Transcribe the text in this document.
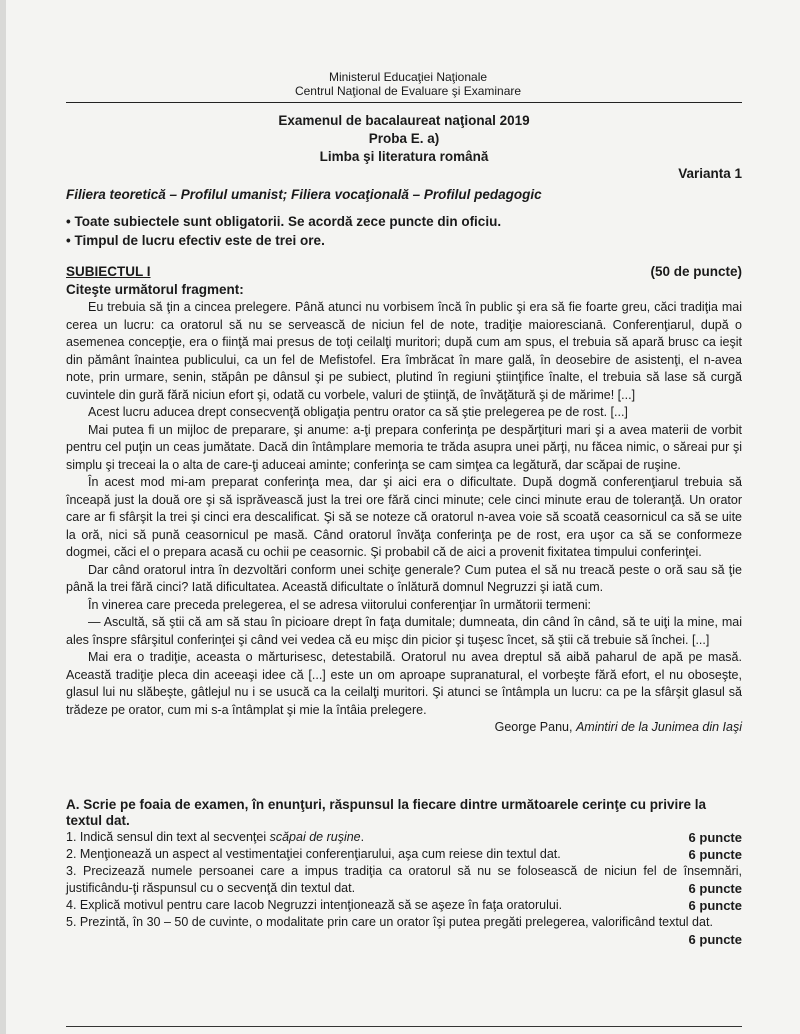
Ministerul Educaţiei Naţionale
Centrul Naţional de Evaluare şi Examinare
Examenul de bacalaureat naţional 2019
Proba E. a)
Limba şi literatura română
Varianta 1
Filiera teoretică – Profilul umanist; Filiera vocaţională – Profilul pedagogic
• Toate subiectele sunt obligatorii. Se acordă zece puncte din oficiu.
• Timpul de lucru efectiv este de trei ore.
SUBIECTUL I	(50 de puncte)
Citeşte următorul fragment:

Eu trebuia să ţin a cincea prelegere. Până atunci nu vorbisem încă în public şi era să fie foarte greu, căci tradiţia mai cerea un lucru: ca oratorul să nu se servească de niciun fel de note, tradiţie maiorescianā. Conferenţiarul, după o asemenea concepţie, era o fiinţă mai presus de toţi ceilalţi muritori; după cum am spus, el trebuia să apară brusc ca ieşit din pământ înaintea publicului, ca un fel de Mefistofel. Era îmbrăcat în mare gală, în deosebire de asistenţi, el n-avea note, prin urmare, senin, stăpân pe dânsul şi pe subiect, plutind în regiuni ştiinţifice înalte, el trebuia să lase să curgă cuvintele din gură fără niciun efort şi, odată cu vorbele, valuri de ştiinţă, de învăţătură şi de mărime! [...]

Acest lucru aducea drept consecvenţă obligaţia pentru orator ca să ştie prelegerea pe de rost. [...]

Mai putea fi un mijloc de preparare, şi anume: a-ţi prepara conferinţa pe despărţituri mari şi a avea materii de vorbit pentru cel puţin un ceas jumătate. Dacă din întâmplare memoria te trăda asupra unei părţi, nu făcea nimic, o săreai pur şi simplu şi treceai la o alta de care-ţi aduceai aminte; conferinţa se cam simţea ca legătură, dar scăpai de ruşine.

În acest mod mi-am preparat conferinţa mea, dar şi aici era o dificultate. După dogmă conferenţiarul trebuia să înceapă just la două ore şi să isprăvească just la trei ore fără cinci minute; cele cinci minute erau de toleranţă. Un orator care ar fi sfârşit la trei şi cinci era descalificat. Şi să se noteze că oratorul n-avea voie să scoată ceasornicul ca să se uite la oră, nici să pună ceasornicul pe masă. Când oratorul învăţa conferinţa pe de rost, era uşor ca să se conformeze dogmei, căci el o prepara acasă cu ochii pe ceasornic. Şi probabil că de aici a provenit fixitatea timpului conferinţei.

Dar când oratorul intra în dezvoltări conform unei schiţe generale? Cum putea el să nu treacă peste o oră sau să ţie până la trei fără cinci? Iată dificultatea. Această dificultate o înlătură domnul Negruzzi şi iată cum.

În vinerea care preceda prelegerea, el se adresa viitorului conferenţiar în următorii termeni:

— Ascultă, să ştii că am să stau în picioare drept în faţa dumitale; dumneata, din când în când, să te uiţi la mine, mai ales înspre sfârşitul conferinţei şi când vei vedea că eu mişc din picior şi tuşesc încet, să ştii că trebuie să închei. [...]

Mai era o tradiţie, aceasta o mărturisesc, detestabilă. Oratorul nu avea dreptul să aibă paharul de apă pe masă. Această tradiţie pleca din aceeaşi idee că [...] este un om aproape supranatural, el vorbeşte fără efort, el nu oboseşte, glasul lui nu slăbeşte, gâtlejul nu i se usucă ca la ceilalţi muritori. Şi atunci se întâmpla un lucru: ca pe la sfârşit glasul să trădeze pe orator, cum mi s-a întâmplat şi mie la întâia prelegere.

George Panu, Amintiri de la Junimea din Iaşi
A. Scrie pe foaia de examen, în enunţuri, răspunsul la fiecare dintre următoarele cerinţe cu privire la textul dat.
6 puncte
1. Indică sensul din text al secvenţei scăpai de ruşine.
6 puncte
2. Menţionează un aspect al vestimentaţiei conferenţiarului, aşa cum reiese din textul dat.
3. Precizează numele persoanei care a impus tradiţia ca oratorul să nu se folosească de niciun fel de însemnări, justificându-ţi răspunsul cu o secvenţă din textul dat.	6 puncte
6 puncte
4. Explică motivul pentru care Iacob Negruzzi intenţionează să se aşeze în faţa oratorului.
5. Prezintă, în 30 – 50 de cuvinte, o modalitate prin care un orator îşi putea pregăti prelegerea, valorificând textul dat.
6 puncte
